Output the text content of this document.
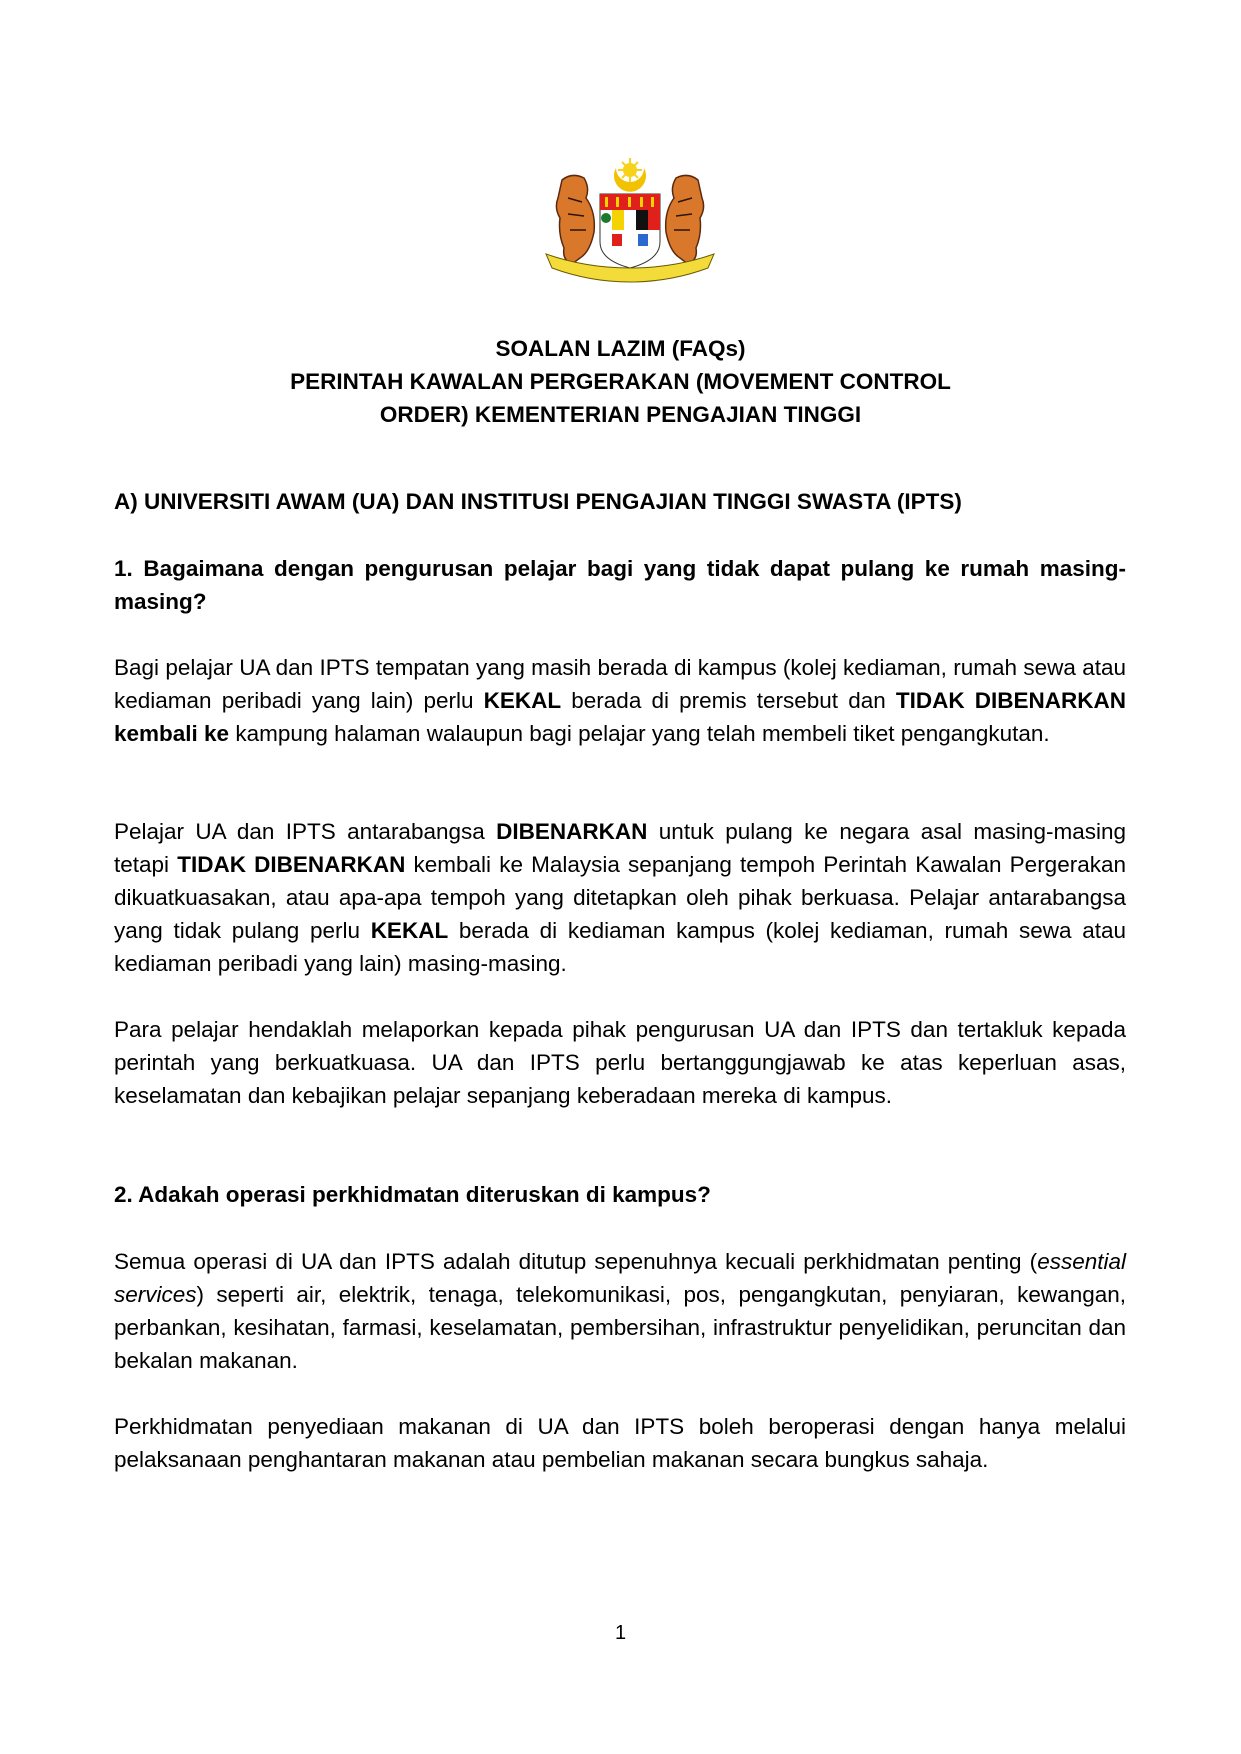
SOALAN LAZIM (FAQs)
PERINTAH KAWALAN PERGERAKAN (MOVEMENT CONTROL
ORDER) KEMENTERIAN PENGAJIAN TINGGI
A) UNIVERSITI AWAM (UA) DAN INSTITUSI PENGAJIAN TINGGI SWASTA (IPTS)
1. Bagaimana dengan pengurusan pelajar bagi yang tidak dapat pulang ke rumah masing- masing?
Bagi pelajar UA dan IPTS tempatan yang masih berada di kampus (kolej kediaman, rumah sewa atau kediaman peribadi yang lain) perlu KEKAL berada di premis tersebut dan TIDAK DIBENARKAN kembali ke kampung halaman walaupun bagi pelajar yang telah membeli tiket pengangkutan.
Pelajar UA dan IPTS antarabangsa DIBENARKAN untuk pulang ke negara asal masing-masing tetapi TIDAK DIBENARKAN kembali ke Malaysia sepanjang tempoh Perintah Kawalan Pergerakan dikuatkuasakan, atau apa-apa tempoh yang ditetapkan oleh pihak berkuasa. Pelajar antarabangsa yang tidak pulang perlu KEKAL berada di kediaman kampus (kolej kediaman, rumah sewa atau kediaman peribadi yang lain) masing-masing.
Para pelajar hendaklah melaporkan kepada pihak pengurusan UA dan IPTS dan tertakluk kepada perintah yang berkuatkuasa. UA dan IPTS perlu bertanggungjawab ke atas keperluan asas, keselamatan dan kebajikan pelajar sepanjang keberadaan mereka di kampus.
2. Adakah operasi perkhidmatan diteruskan di kampus?
Semua operasi di UA dan IPTS adalah ditutup sepenuhnya kecuali perkhidmatan penting (essential services) seperti air, elektrik, tenaga, telekomunikasi, pos, pengangkutan, penyiaran, kewangan, perbankan, kesihatan, farmasi, keselamatan, pembersihan, infrastruktur penyelidikan, peruncitan dan bekalan makanan.
Perkhidmatan penyediaan makanan di UA dan IPTS boleh beroperasi dengan hanya melalui pelaksanaan penghantaran makanan atau pembelian makanan secara bungkus sahaja.
1
